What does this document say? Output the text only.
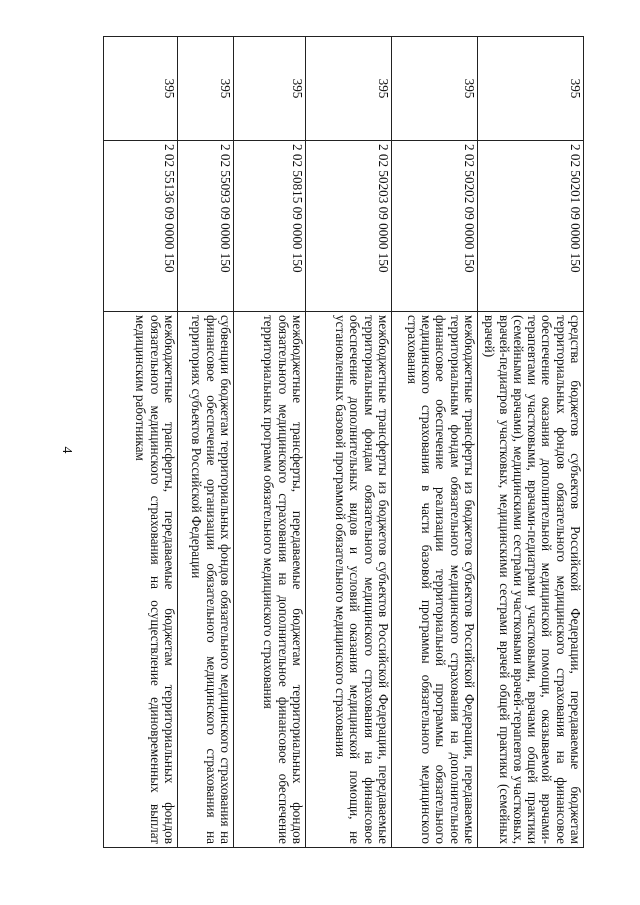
4
395	2 02 50201 09 0000 150	средства бюджетов субъектов Российской Федерации, передаваемые бюджетам территориальных фондов обязательного медицинского страхования на финансовое обеспечение оказания дополнительной медицинской помощи, оказываемой врачами-терапевтами участковыми, врачами-педиатрами участковыми, врачами общей практики (семейными врачами), медицинскими сестрами участковыми врачей-терапевтов участковых, врачей-педиатров участковых, медицинскими сестрами врачей общей практики (семейных врачей)
395	2 02 50202 09 0000 150	межбюджетные трансферты из бюджетов субъектов Российской Федерации, передаваемые территориальным фондам обязательного медицинского страхования на дополнительное финансовое обеспечение реализации территориальной программы обязательного медицинского страхования в части базовой программы обязательного медицинского страхования
395	2 02 50203 09 0000 150	межбюджетные трансферты из бюджетов субъектов Российской Федерации, передаваемые территориальным фондам обязательного медицинского страхования на финансовое обеспечение дополнительных видов и условий оказания медицинской помощи, не установленных базовой программой обязательного медицинского страхования
395	2 02 50815 09 0000 150	межбюджетные трансферты, передаваемые бюджетам территориальных фондов обязательного медицинского страхования на дополнительное финансовое обеспечение территориальных программ обязательного медицинского страхования
395	2 02 55093 09 0000 150	субвенции бюджетам территориальных фондов обязательного медицинского страхования на финансовое обеспечение организации обязательного медицинского страхования на территориях субъектов Российской Федерации
395	2 02 55136 09 0000 150	межбюджетные трансферты, передаваемые бюджетам территориальных фондов обязательного медицинского страхования на осуществление единовременных выплат медицинским работникам
